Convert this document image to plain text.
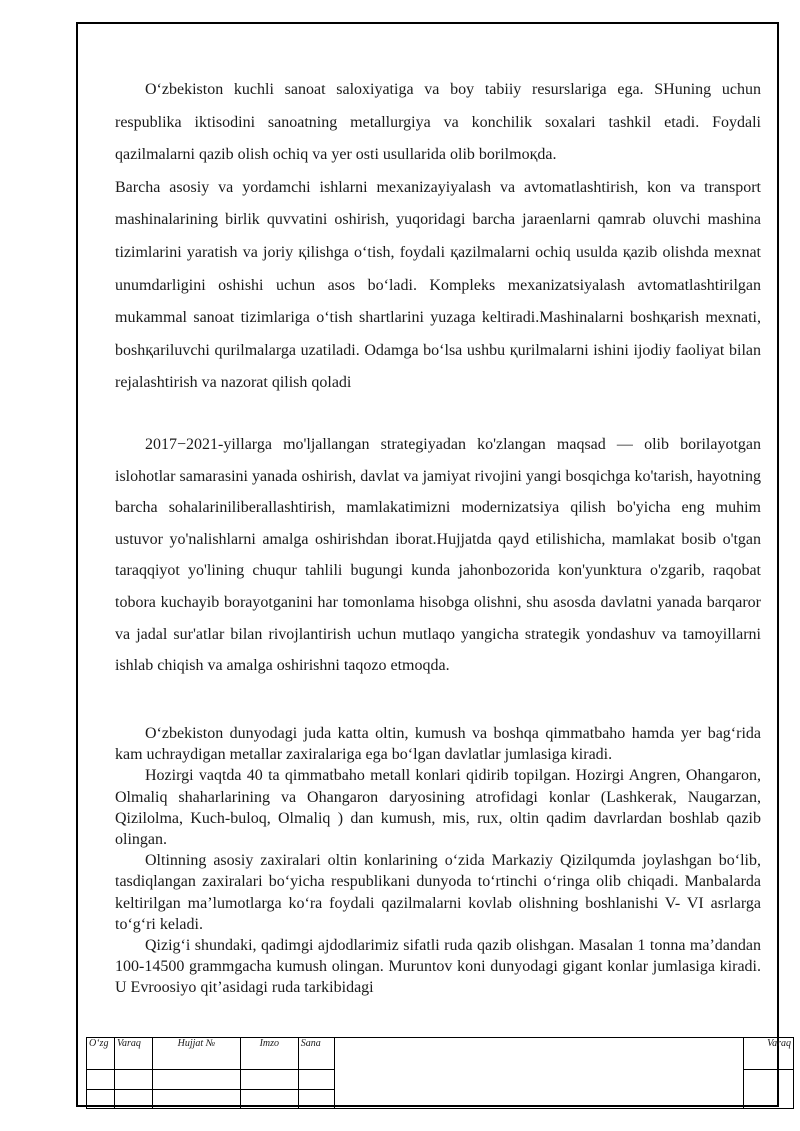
O‘zbekiston kuchli sanoat saloxiyatiga va boy tabiiy resurslariga ega. SHuning uchun respublika iktisodini sanoatning metallurgiya va konchilik soxalari tashkil etadi. Foydali qazilmalarni qazib olish ochiq va yer osti usullarida olib borilmoқda.

Barcha asosiy va yordamchi ishlarni mexanizayiyalash va avtomatlashtirish, kon va transport mashinalarining birlik quvvatini oshirish, yuqoridagi barcha jaraenlarni qamrab oluvchi mashina tizimlarini yaratish va joriy қilishga o‘tish, foydali қazilmalarni ochiq usulda қazib olishda mexnat unumdarligini oshishi uchun asos bo‘ladi. Kompleks mexanizatsiyalash avtomatlashtirilgan mukammal sanoat tizimlariga o‘tish shartlarini yuzaga keltiradi.Mashinalarni boshқarish mexnati, boshқariluvchi qurilmalarga uzatiladi. Odamga bo‘lsa ushbu қurilmalarni ishini ijodiy faoliyat bilan rejalashtirish va nazorat qilish qoladi

2017−2021-yillarga mo'ljallangan strategiyadan ko'zlangan maqsad — olib borilayotgan islohotlar samarasini yanada oshirish, davlat va jamiyat rivojini yangi bosqichga ko'tarish, hayotning barcha sohalariniliberallashtirish, mamlakatimizni modernizatsiya qilish bo'yicha eng muhim ustuvor yo'nalishlarni amalga oshirishdan iborat.Hujjatda qayd etilishicha, mamlakat bosib o'tgan taraqqiyot yo'lining chuqur tahlili bugungi kunda jahonbozorida kon'yunktura o'zgarib, raqobat tobora kuchayib borayotganini har tomonlama hisobga olishni, shu asosda davlatni yanada barqaror va jadal sur'atlar bilan rivojlantirish uchun mutlaqo yangicha strategik yondashuv va tamoyillarni ishlab chiqish va amalga oshirishni taqozo etmoqda.

O‘zbekiston dunyodagi juda katta oltin, kumush va boshqa qimmatbaho hamda yer bag‘rida kam uchraydigan metallar zaxiralariga ega bo‘lgan davlatlar jumlasiga kiradi.

Hozirgi vaqtda 40 ta qimmatbaho metall konlari qidirib topilgan. Hozirgi Angren, Ohangaron, Olmaliq shaharlarining va Ohangaron daryosining atrofidagi konlar (Lashkerak, Naugarzan, Qizilolma, Kuch-buloq, Olmaliq ) dan kumush, mis, rux, oltin qadim davrlardan boshlab qazib olingan.

Oltinning asosiy zaxiralari oltin konlarining o‘zida Markaziy Qizilqumda joylashgan bo‘lib, tasdiqlangan zaxiralari bo‘yicha respublikani dunyoda to‘rtinchi o‘ringa olib chiqadi. Manbalarda keltirilgan ma’lumotlarga ko‘ra foydali qazilmalarni kovlab olishning boshlanishi V- VI asrlarga to‘g‘ri keladi.

Qizig‘i shundaki, qadimgi ajdodlarimiz sifatli ruda qazib olishgan. Masalan 1 tonna ma’dandan 100-14500 grammgacha kumush olingan. Muruntov koni dunyodagi gigant konlar jumlasiga kiradi. U Evroosiyo qit’asidagi ruda tarkibidagi

O‘zg	Varaq	Hujjat №	Imzo	Sana		Varaq
